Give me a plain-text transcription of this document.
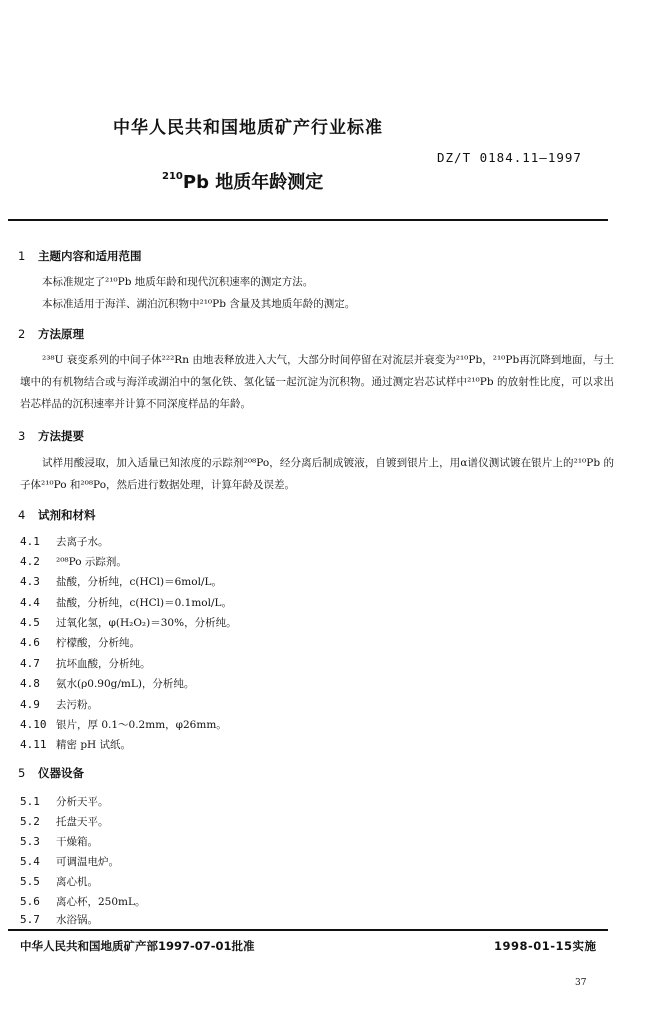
中华人民共和国地质矿产行业标准
DZ/T 0184.11—1997
$^{210}$Pb 地质年龄测定
1 主题内容和适用范围

本标准规定了²¹⁰Pb 地质年龄和现代沉积速率的测定方法。

本标准适用于海洋、湖泊沉积物中²¹⁰Pb 含量及其地质年龄的测定。

2 方法原理

²³⁸U 衰变系列的中间子体²²²Rn 由地表释放进入大气，大部分时间停留在对流层并衰变为²¹⁰Pb，²¹⁰Pb再沉降到地面，与土壤中的有机物结合或与海洋或湖泊中的氢化铁、氢化锰一起沉淀为沉积物。通过测定岩芯试样中²¹⁰Pb 的放射性比度，可以求出岩芯样品的沉积速率并计算不同深度样品的年龄。

3 方法提要

试样用酸浸取，加入适量已知浓度的示踪剂²⁰⁸Po，经分离后制成镀液，自镀到银片上，用α谱仪测试镀在银片上的²¹⁰Pb 的子体²¹⁰Po 和²⁰⁸Po，然后进行数据处理，计算年龄及误差。

4 试剂和材料
4.1 去离子水。
4.2 ²⁰⁸Po 示踪剂。
4.3 盐酸，分析纯，c(HCl)＝6mol/L。
4.4 盐酸，分析纯，c(HCl)＝0.1mol/L。
4.5 过氧化氢，φ(H₂O₂)＝30%，分析纯。
4.6 柠檬酸，分析纯。
4.7 抗坏血酸，分析纯。
4.8 氨水(ρ0.90g/mL)，分析纯。
4.9 去污粉。
4.10 银片，厚 0.1～0.2mm，φ26mm。
4.11 精密 pH 试纸。
5 仪器设备
5.1 分析天平。
5.2 托盘天平。
5.3 干燥箱。
5.4 可调温电炉。
5.5 离心机。
5.6 离心杯，250mL。
5.7 水浴锅。
中华人民共和国地质矿产部1997-07-01批准	1998-01-15实施
37
